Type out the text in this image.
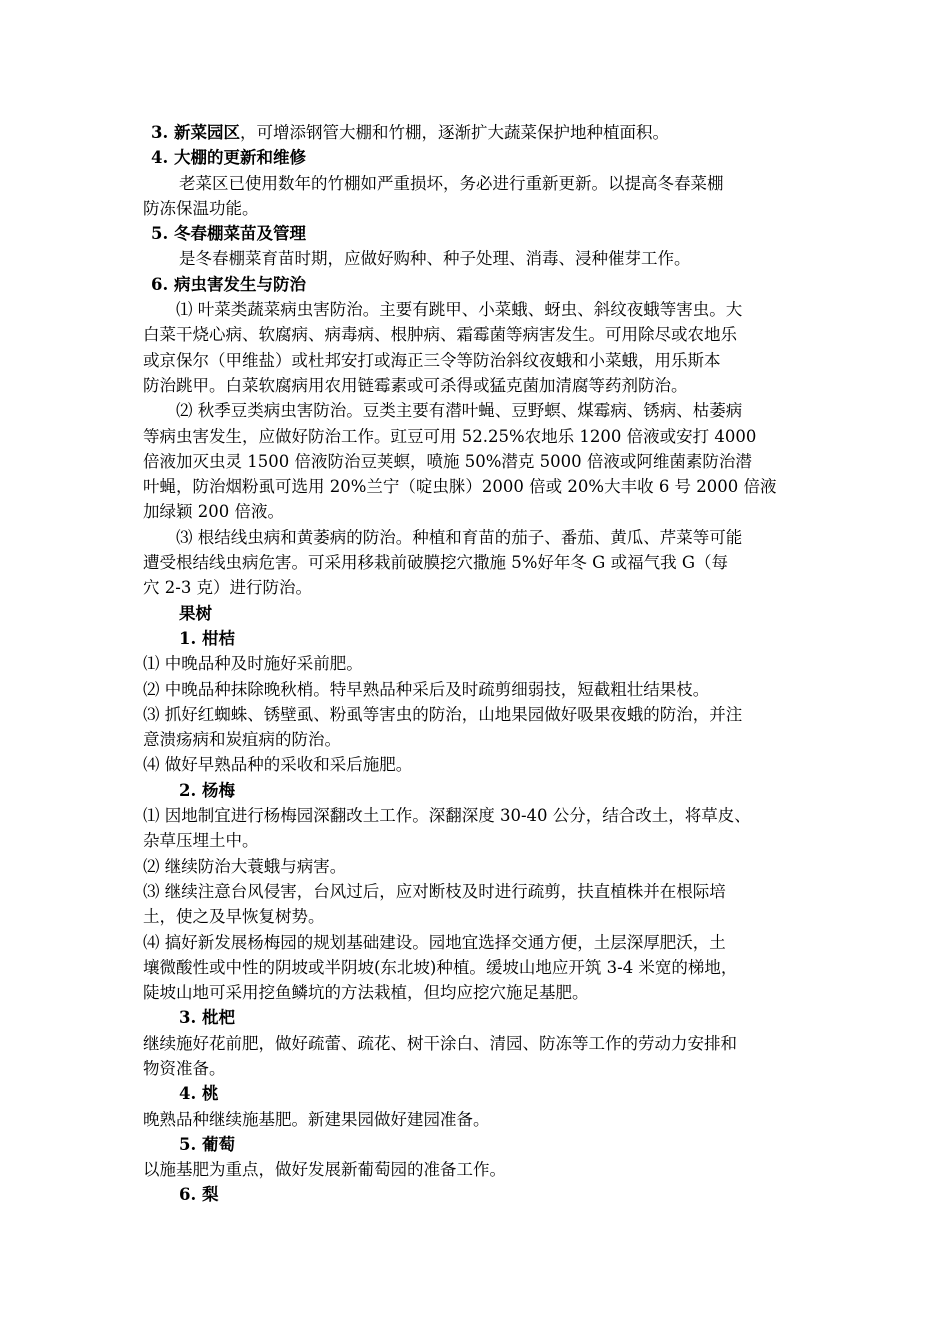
3. 新菜园区，可增添钢管大棚和竹棚，逐渐扩大蔬菜保护地种植面积。
4. 大棚的更新和维修
老菜区已使用数年的竹棚如严重损坏，务必进行重新更新。以提高冬春菜棚
防冻保温功能。
5. 冬春棚菜苗及管理
是冬春棚菜育苗时期，应做好购种、种子处理、消毒、浸种催芽工作。
6. 病虫害发生与防治
⑴ 叶菜类蔬菜病虫害防治。主要有跳甲、小菜蛾、蚜虫、斜纹夜蛾等害虫。大
白菜干烧心病、软腐病、病毒病、根肿病、霜霉菌等病害发生。可用除尽或农地乐
或京保尔（甲维盐）或杜邦安打或海正三令等防治斜纹夜蛾和小菜蛾，用乐斯本
防治跳甲。白菜软腐病用农用链霉素或可杀得或猛克菌加清腐等药剂防治。
⑵ 秋季豆类病虫害防治。豆类主要有潜叶蝇、豆野螟、煤霉病、锈病、枯萎病
等病虫害发生，应做好防治工作。豇豆可用 52.25%农地乐 1200 倍液或安打 4000
倍液加灭虫灵 1500 倍液防治豆荚螟，喷施 50%潜克 5000 倍液或阿维菌素防治潜
叶蝇，防治烟粉虱可选用 20%兰宁（啶虫脒）2000 倍或 20%大丰收 6 号 2000 倍液
加绿颖 200 倍液。
⑶ 根结线虫病和黄萎病的防治。种植和育苗的茄子、番茄、黄瓜、芹菜等可能
遭受根结线虫病危害。可采用移栽前破膜挖穴撒施 5%好年冬 G 或福气我 G（每
穴 2-3 克）进行防治。
果树
1. 柑桔
⑴ 中晚品种及时施好采前肥。
⑵ 中晚品种抹除晚秋梢。特早熟品种采后及时疏剪细弱技，短截粗壮结果枝。
⑶ 抓好红蜘蛛、锈壁虱、粉虱等害虫的防治，山地果园做好吸果夜蛾的防治，并注
意溃疡病和炭疽病的防治。
⑷ 做好早熟品种的采收和采后施肥。
2. 杨梅
⑴ 因地制宜进行杨梅园深翻改土工作。深翻深度 30-40 公分，结合改土，将草皮、
杂草压埋土中。
⑵ 继续防治大蓑蛾与病害。
⑶ 继续注意台风侵害，台风过后，应对断枝及时进行疏剪，扶直植株并在根际培
土，使之及早恢复树势。
⑷ 搞好新发展杨梅园的规划基础建设。园地宜选择交通方便，土层深厚肥沃，土
壤微酸性或中性的阴坡或半阴坡(东北坡)种植。缓坡山地应开筑 3-4 米宽的梯地，
陡坡山地可采用挖鱼鳞坑的方法栽植，但均应挖穴施足基肥。
3. 枇杷
继续施好花前肥，做好疏蕾、疏花、树干涂白、清园、防冻等工作的劳动力安排和
物资准备。
4. 桃
晚熟品种继续施基肥。新建果园做好建园准备。
5. 葡萄
以施基肥为重点，做好发展新葡萄园的准备工作。
6. 梨
